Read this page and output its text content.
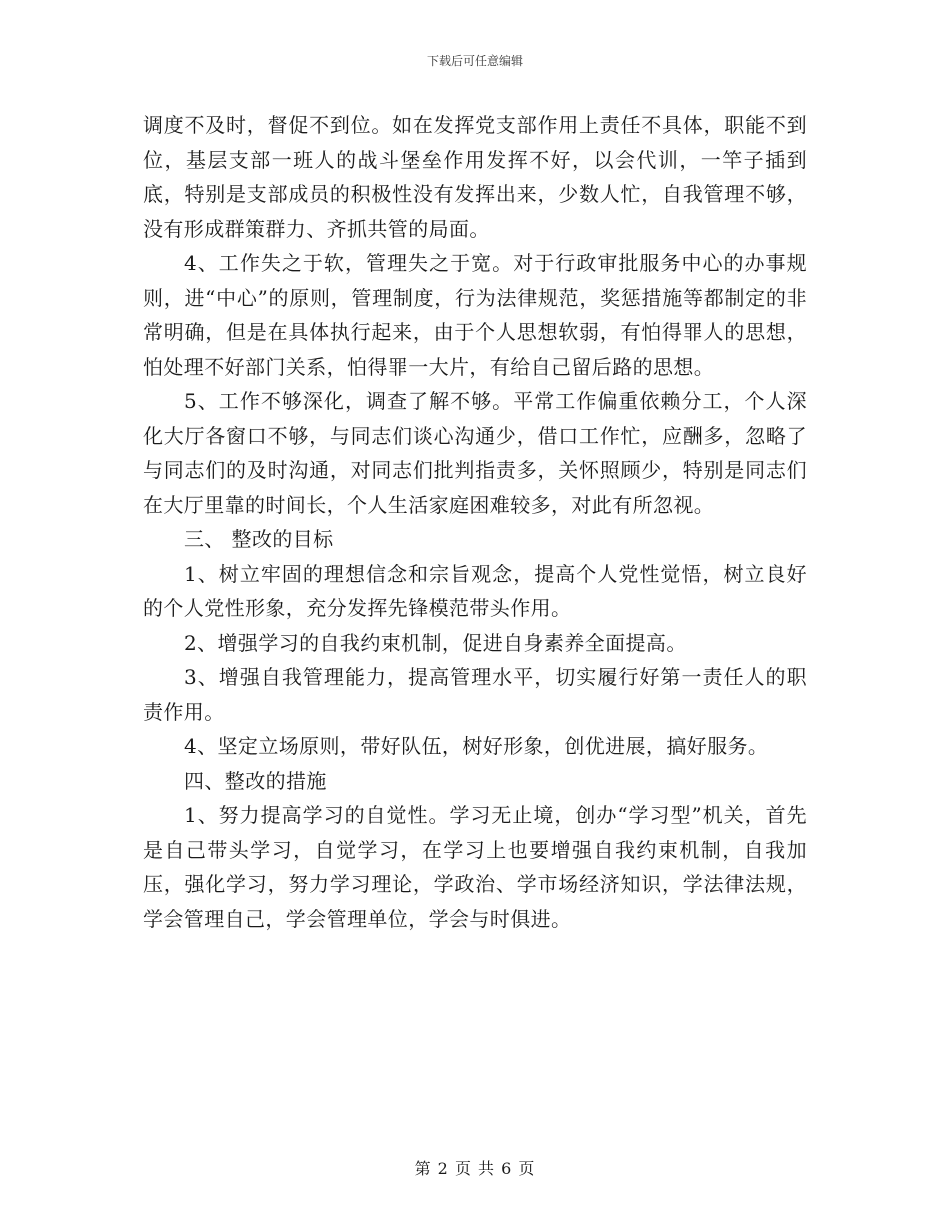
下载后可任意编辑

调度不及时，督促不到位。如在发挥党支部作用上责任不具体，职能不到位，基层支部一班人的战斗堡垒作用发挥不好，以会代训，一竿子插到底，特别是支部成员的积极性没有发挥出来，少数人忙，自我管理不够，没有形成群策群力、齐抓共管的局面。

4、工作失之于软，管理失之于宽。对于行政审批服务中心的办事规则，进“中心”的原则，管理制度，行为法律规范，奖惩措施等都制定的非常明确，但是在具体执行起来，由于个人思想软弱，有怕得罪人的思想，怕处理不好部门关系，怕得罪一大片，有给自己留后路的思想。

5、工作不够深化，调查了解不够。平常工作偏重依赖分工，个人深化大厅各窗口不够，与同志们谈心沟通少，借口工作忙，应酬多，忽略了与同志们的及时沟通，对同志们批判指责多，关怀照顾少，特别是同志们在大厅里靠的时间长，个人生活家庭困难较多，对此有所忽视。

三、 整改的目标

1、树立牢固的理想信念和宗旨观念，提高个人党性觉悟，树立良好的个人党性形象，充分发挥先锋模范带头作用。

2、增强学习的自我约束机制，促进自身素养全面提高。

3、增强自我管理能力，提高管理水平，切实履行好第一责任人的职责作用。

4、坚定立场原则，带好队伍，树好形象，创优进展，搞好服务。

四、整改的措施

1、努力提高学习的自觉性。学习无止境，创办“学习型”机关，首先是自己带头学习，自觉学习，在学习上也要增强自我约束机制，自我加压，强化学习，努力学习理论，学政治、学市场经济知识，学法律法规，学会管理自己，学会管理单位，学会与时俱进。

第 2 页 共 6 页
